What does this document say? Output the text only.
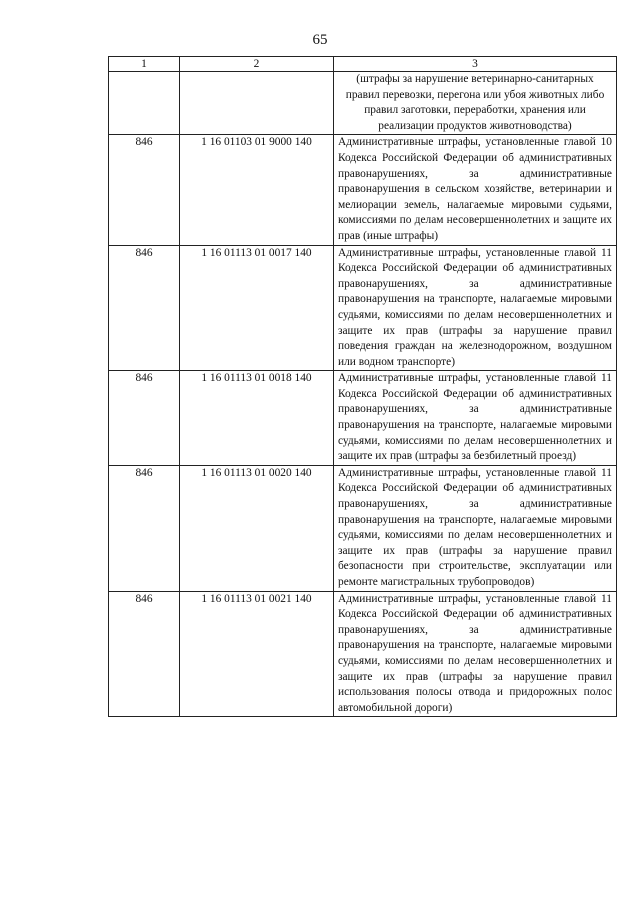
65
1	2	3
		(штрафы за нарушение ветеринарно-санитарных правил перевозки, перегона или убоя животных либо правил заготовки, переработки, хранения или реализации продуктов животноводства)
846	1 16 01103 01 9000 140	Административные штрафы, установленные главой 10 Кодекса Российской Федерации об административных правонарушениях, за административные правонарушения в сельском хозяйстве, ветеринарии и мелиорации земель, налагаемые мировыми судьями, комиссиями по делам несовершеннолетних и защите их прав (иные штрафы)
846	1 16 01113 01 0017 140	Административные штрафы, установленные главой 11 Кодекса Российской Федерации об административных правонарушениях, за административные правонарушения на транспорте, налагаемые мировыми судьями, комиссиями по делам несовершеннолетних и защите их прав (штрафы за нарушение правил поведения граждан на железнодорожном, воздушном или водном транспорте)
846	1 16 01113 01 0018 140	Административные штрафы, установленные главой 11 Кодекса Российской Федерации об административных правонарушениях, за административные правонарушения на транспорте, налагаемые мировыми судьями, комиссиями по делам несовершеннолетних и защите их прав (штрафы за безбилетный проезд)
846	1 16 01113 01 0020 140	Административные штрафы, установленные главой 11 Кодекса Российской Федерации об административных правонарушениях, за административные правонарушения на транспорте, налагаемые мировыми судьями, комиссиями по делам несовершеннолетних и защите их прав (штрафы за нарушение правил безопасности при строительстве, эксплуатации или ремонте магистральных трубопроводов)
846	1 16 01113 01 0021 140	Административные штрафы, установленные главой 11 Кодекса Российской Федерации об административных правонарушениях, за административные правонарушения на транспорте, налагаемые мировыми судьями, комиссиями по делам несовершеннолетних и защите их прав (штрафы за нарушение правил использования полосы отвода и придорожных полос автомобильной дороги)
